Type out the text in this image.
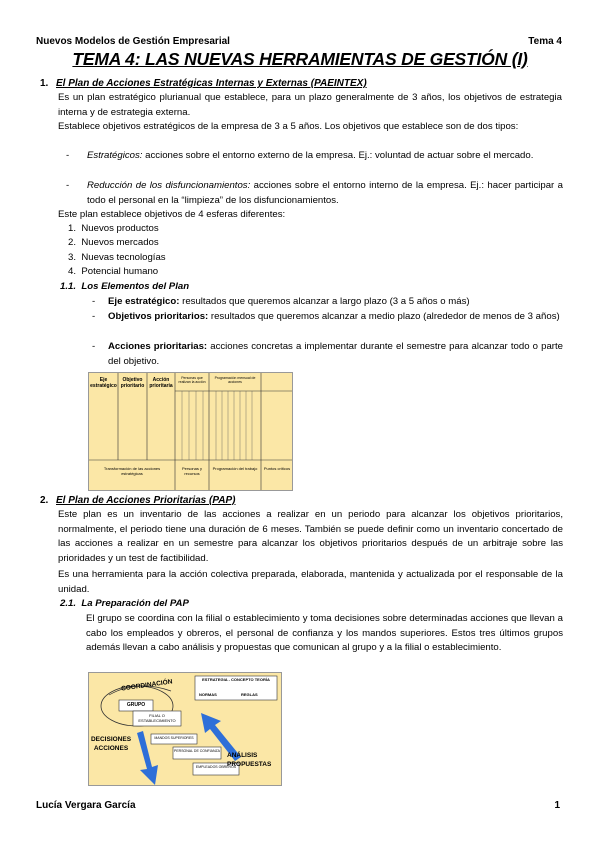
Nuevos Modelos de Gestión Empresarial	Tema 4
TEMA 4: LAS NUEVAS HERRAMIENTAS DE GESTIÓN (I)
1. El Plan de Acciones Estratégicas Internas y Externas (PAEINTEX)
Es un plan estratégico plurianual que establece, para un plazo generalmente de 3 años, los objetivos de estrategia interna y de estrategia externa.
Establece objetivos estratégicos de la empresa de 3 a 5 años. Los objetivos que establece son de dos tipos:
- Estratégicos: acciones sobre el entorno externo de la empresa. Ej.: voluntad de actuar sobre el mercado.
- Reducción de los disfuncionamientos: acciones sobre el entorno interno de la empresa. Ej.: hacer participar a todo el personal en la “limpieza” de los disfuncionamientos.
Este plan establece objetivos de 4 esferas diferentes:
1.  Nuevos productos
2.  Nuevos mercados
3.  Nuevas tecnologías
4.  Potencial humano
1.1. Los Elementos del Plan
- Eje estratégico: resultados que queremos alcanzar a largo plazo (3 a 5 años o más)
- Objetivos prioritarios: resultados que queremos alcanzar a medio plazo (alrededor de menos de 3 años)
- Acciones prioritarias: acciones concretas a implementar durante el semestre para alcanzar todo o parte del objetivo.
Eje estratégico
Objetivo prioritario
Acción prioritaria
Personas que realizan la acción
Programación mensual de acciones
Transformación de las acciones estratégicas
Personas y recursos
Programación del trabajo	Puntos críticos
2. El Plan de Acciones Prioritarias (PAP)
Este plan es un inventario de las acciones a realizar en un periodo para alcanzar los objetivos prioritarios, normalmente, el periodo tiene una duración de 6 meses. También se puede definir como un inventario concertado de las acciones a realizar en un semestre para alcanzar los objetivos prioritarios después de un arbitraje sobre las prioridades y un test de factibilidad.
Es una herramienta para la acción colectiva preparada, elaborada, mantenida y actualizada por el responsable de la unidad.
2.1. La Preparación del PAP
El grupo se coordina con la filial o establecimiento y toma decisiones sobre determinadas acciones que llevan a cabo los empleados y obreros, el personal de confianza y los mandos superiores. Estos tres últimos grupos además llevan a cabo análisis y propuestas que comunican al grupo y a la filial o establecimiento.
COORDINACIÓN
GRUPO
FILIAL O ESTABLECIMIENTO
ESTRATEGIA - CONCEPTO TEORÍA
NORMAS	REGLAS
DECISIONES ACCIONES
ANÁLISIS PROPUESTAS
MANDOS SUPERIORES
PERSONAL DE CONFIANZA
EMPLEADOS OBREROS
Lucía Vergara García	1
